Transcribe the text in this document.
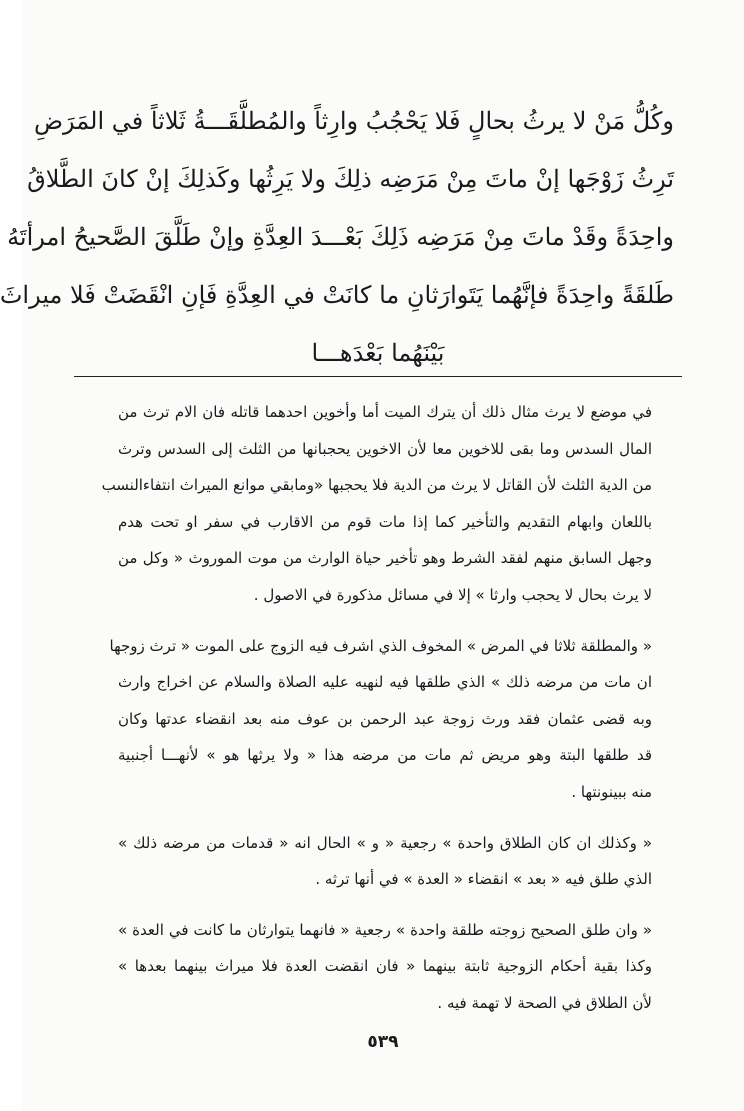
وكُلُّ مَنْ لا يرثُ بحالٍ فَلا يَحْجُبُ وارِثاً والمُطلَّقَـــةُ ثَلاثاً في المَرَضِ
تَرِثُ زَوْجَها إنْ ماتَ مِنْ مَرَضِه ذلِكَ ولا يَرِثُها وكَذلِكَ إنْ كانَ الطَّلاقُ
واحِدَةً وقَدْ ماتَ مِنْ مَرَضِه ذَلِكَ بَعْـــدَ العِدَّةِ وإنْ طَلَّقَ الصَّحيحُ امرأتَهُ
طَلقَةً واحِدَةً فإنَّهُما يَتَوارَثانِ ما كانَتْ في العِدَّةِ فَإنِ انْقَضَتْ فَلا ميراثَ
بَيْنَهُما بَعْدَهـــا
في موضع لا يرث مثال ذلك أن يترك الميت أما وأخوين احدهما قاتله فان الام ترث من
المال السدس وما بقى للاخوين معا لأن الاخوين يحجبانها من الثلث إلى السدس وترث
من الدية الثلث لأن القاتل لا يرث من الدية فلا يحجبها «ومابقي موانع الميراث انتفاءالنسب
باللعان وابهام التقديم والتأخير كما إذا مات قوم من الاقارب في سفر او تحت هدم
وجهل السابق منهم لفقد الشرط وهو تأخير حياة الوارث من موت الموروث « وكل من
لا يرث بحال لا يحجب وارثا » إلا في مسائل مذكورة في الاصول .
« والمطلقة ثلاثا في المرض » المخوف الذي اشرف فيه الزوج على الموت « ترث زوجها
ان مات من مرضه ذلك » الذي طلقها فيه لنهيه عليه الصلاة والسلام عن اخراج وارث
وبه قضى عثمان فقد ورث زوجة عبد الرحمن بن عوف منه بعد انقضاء عدتها وكان
قد طلقها البتة وهو مريض ثم مات من مرضه هذا « ولا يرثها هو » لأنهـــا أجنبية
منه ببينونتها .
« وكذلك ان كان الطلاق واحدة » رجعية « و » الحال انه « قدمات من مرضه ذلك »
الذي طلق فيه « بعد » انقضاء « العدة » في أنها ترثه .
« وان طلق الصحيح زوجته طلقة واحدة » رجعية « فانهما يتوارثان ما كانت في العدة »
وكذا بقية أحكام الزوجية ثابتة بينهما « فان انقضت العدة فلا ميراث بينهما بعدها »
لأن الطلاق في الصحة لا تهمة فيه .
٥٣٩
